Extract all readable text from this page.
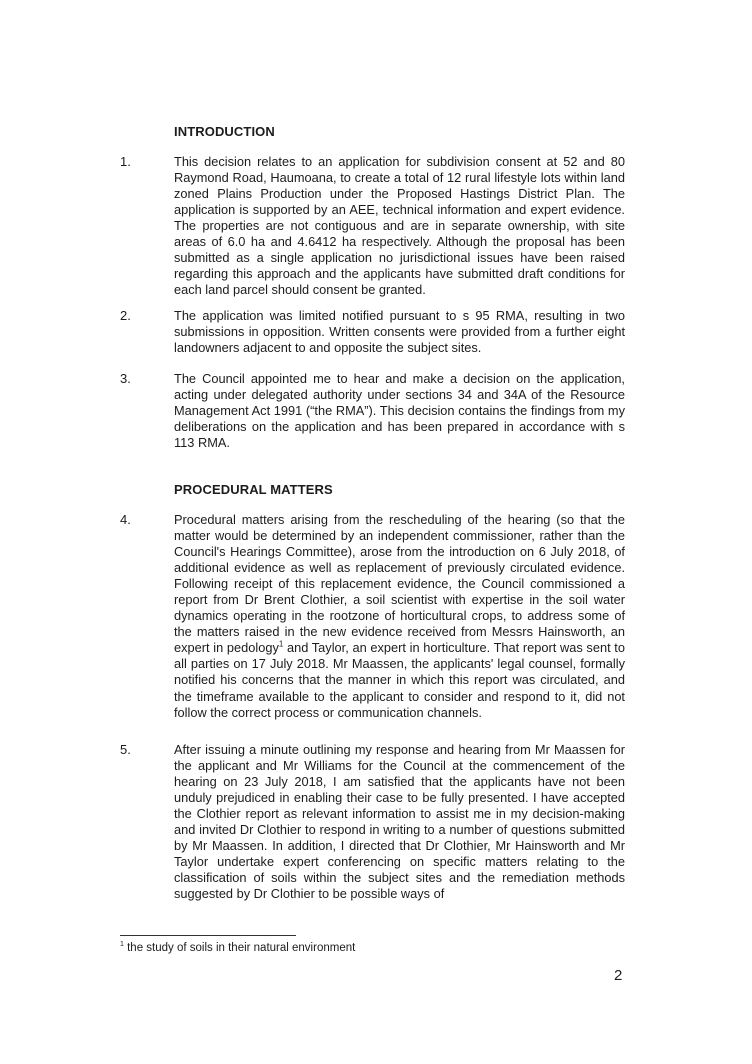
INTRODUCTION
1.	This decision relates to an application for subdivision consent at 52 and 80 Raymond Road, Haumoana, to create a total of 12 rural lifestyle lots within land zoned Plains Production under the Proposed Hastings District Plan. The application is supported by an AEE, technical information and expert evidence. The properties are not contiguous and are in separate ownership, with site areas of 6.0 ha and 4.6412 ha respectively. Although the proposal has been submitted as a single application no jurisdictional issues have been raised regarding this approach and the applicants have submitted draft conditions for each land parcel should consent be granted.
2.	The application was limited notified pursuant to s 95 RMA, resulting in two submissions in opposition. Written consents were provided from a further eight landowners adjacent to and opposite the subject sites.
3.	The Council appointed me to hear and make a decision on the application, acting under delegated authority under sections 34 and 34A of the Resource Management Act 1991 (“the RMA”). This decision contains the findings from my deliberations on the application and has been prepared in accordance with s 113 RMA.
PROCEDURAL MATTERS
4.	Procedural matters arising from the rescheduling of the hearing (so that the matter would be determined by an independent commissioner, rather than the Council's Hearings Committee), arose from the introduction on 6 July 2018, of additional evidence as well as replacement of previously circulated evidence. Following receipt of this replacement evidence, the Council commissioned a report from Dr Brent Clothier, a soil scientist with expertise in the soil water dynamics operating in the rootzone of horticultural crops, to address some of the matters raised in the new evidence received from Messrs Hainsworth, an expert in pedology$^1$ and Taylor, an expert in horticulture. That report was sent to all parties on 17 July 2018. Mr Maassen, the applicants' legal counsel, formally notified his concerns that the manner in which this report was circulated, and the timeframe available to the applicant to consider and respond to it, did not follow the correct process or communication channels.
5.	After issuing a minute outlining my response and hearing from Mr Maassen for the applicant and Mr Williams for the Council at the commencement of the hearing on 23 July 2018, I am satisfied that the applicants have not been unduly prejudiced in enabling their case to be fully presented. I have accepted the Clothier report as relevant information to assist me in my decision-making and invited Dr Clothier to respond in writing to a number of questions submitted by Mr Maassen. In addition, I directed that Dr Clothier, Mr Hainsworth and Mr Taylor undertake expert conferencing on specific matters relating to the classification of soils within the subject sites and the remediation methods suggested by Dr Clothier to be possible ways of
$^1$ the study of soils in their natural environment
2
